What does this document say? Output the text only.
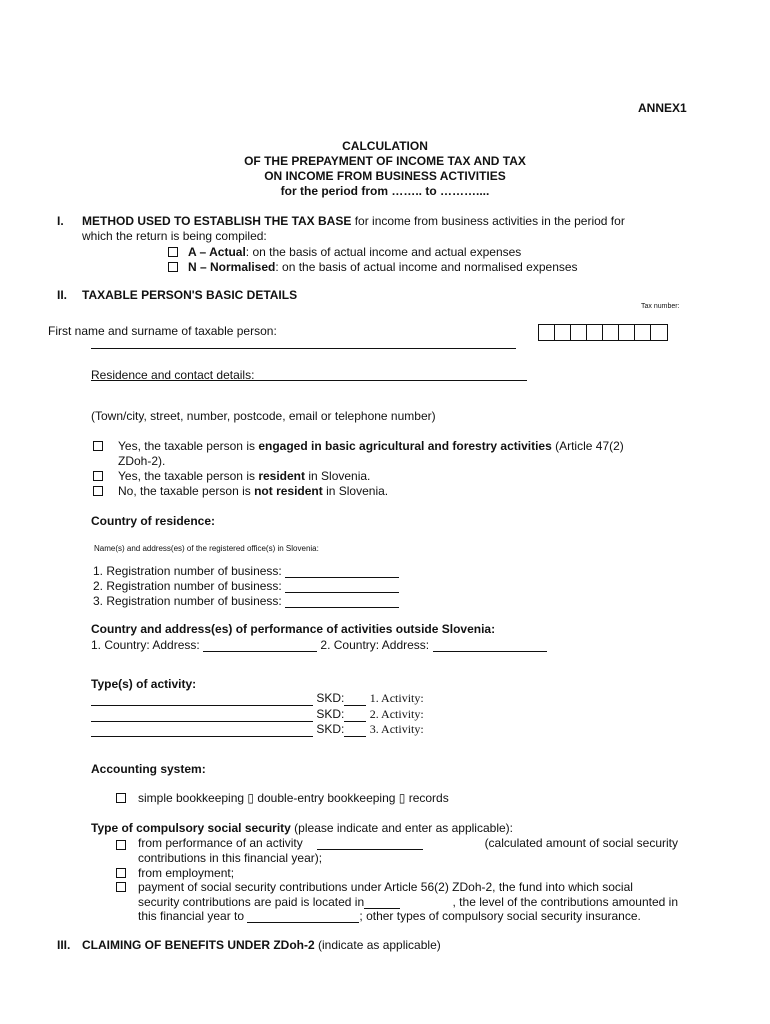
ANNEX1
CALCULATION
OF THE PREPAYMENT OF INCOME TAX AND TAX
ON INCOME FROM BUSINESS ACTIVITIES
for the period from …….. to ………....
I. METHOD USED TO ESTABLISH THE TAX BASE for income from business activities in the period for
which the return is being compiled:
A – Actual: on the basis of actual income and actual expenses
N – Normalised: on the basis of actual income and normalised expenses
II. TAXABLE PERSON'S BASIC DETAILS
Tax number:
First name and surname of taxable person:
Residence and contact details:
(Town/city, street, number, postcode, email or telephone number)
Yes, the taxable person is engaged in basic agricultural and forestry activities (Article 47(2)
ZDoh-2).
Yes, the taxable person is resident in Slovenia.
No, the taxable person is not resident in Slovenia.
Country of residence:
Name(s) and address(es) of the registered office(s) in Slovenia:
1. Registration number of business:
2. Registration number of business:
3. Registration number of business:
Country and address(es) of performance of activities outside Slovenia:
1. Country: Address:	2. Country: Address:
Type(s) of activity:
SKD: 1. Activity:
SKD: 2. Activity:
SKD: 3. Activity:
Accounting system:
simple bookkeeping ▯ double-entry bookkeeping ▯ records
Type of compulsory social security (please indicate and enter as applicable):
from performance of an activity	(calculated amount of social security
contributions in this financial year);
from employment;
payment of social security contributions under Article 56(2) ZDoh-2, the fund into which social
security contributions are paid is located in	, the level of the contributions amounted in
this financial year to	; other types of compulsory social security insurance.
III. CLAIMING OF BENEFITS UNDER ZDoh-2 (indicate as applicable)
